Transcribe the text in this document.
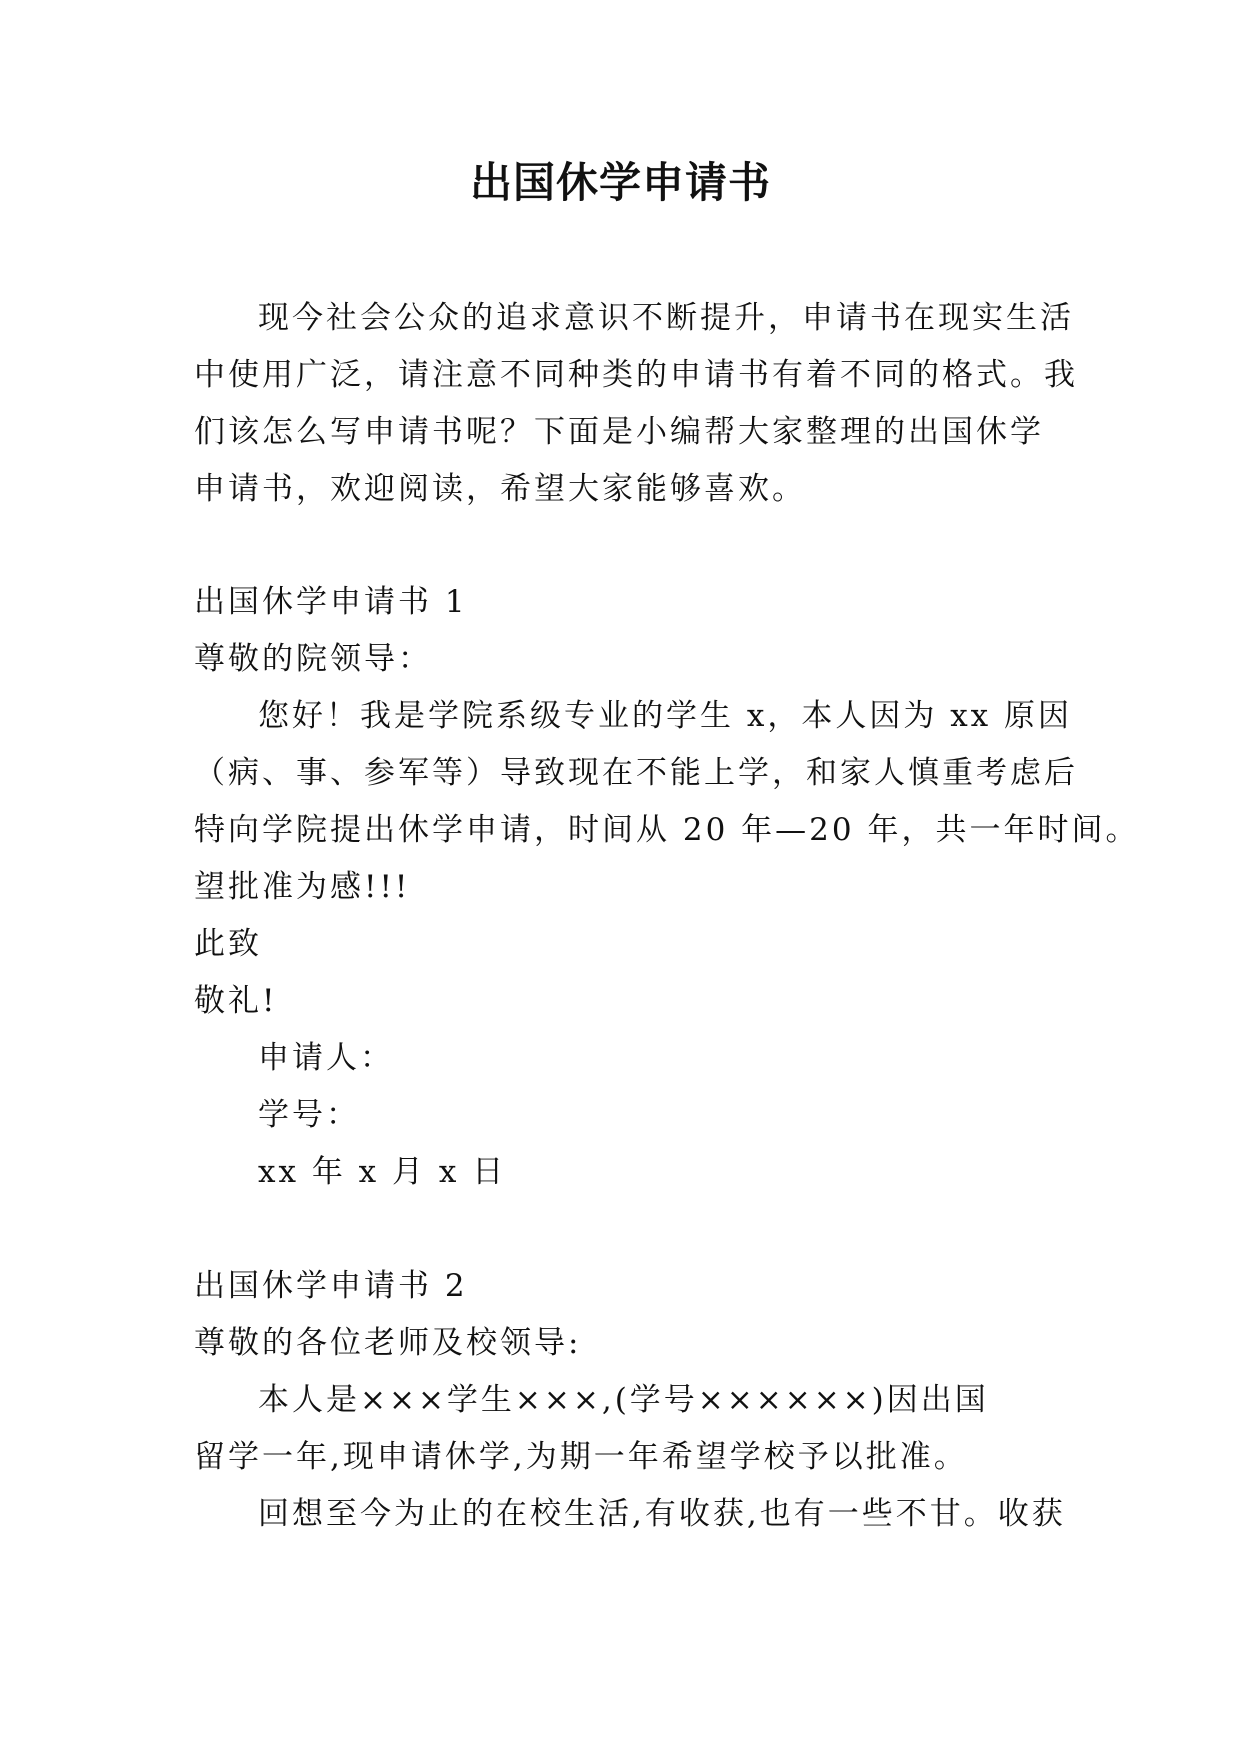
出国休学申请书
现今社会公众的追求意识不断提升，申请书在现实生活
中使用广泛，请注意不同种类的申请书有着不同的格式。我
们该怎么写申请书呢？下面是小编帮大家整理的出国休学
申请书，欢迎阅读，希望大家能够喜欢。
出国休学申请书 1
尊敬的院领导：
您好！我是学院系级专业的学生 x，本人因为 xx 原因
（病、事、参军等）导致现在不能上学，和家人慎重考虑后
特向学院提出休学申请，时间从 20 年—20 年，共一年时间。
望批准为感!!!
此致
敬礼!
申请人：
学号：
xx 年 x 月 x 日
出国休学申请书 2
尊敬的各位老师及校领导:
本人是×××学生×××,(学号××××××)因出国
留学一年,现申请休学,为期一年希望学校予以批准。
回想至今为止的在校生活,有收获,也有一些不甘。收获
